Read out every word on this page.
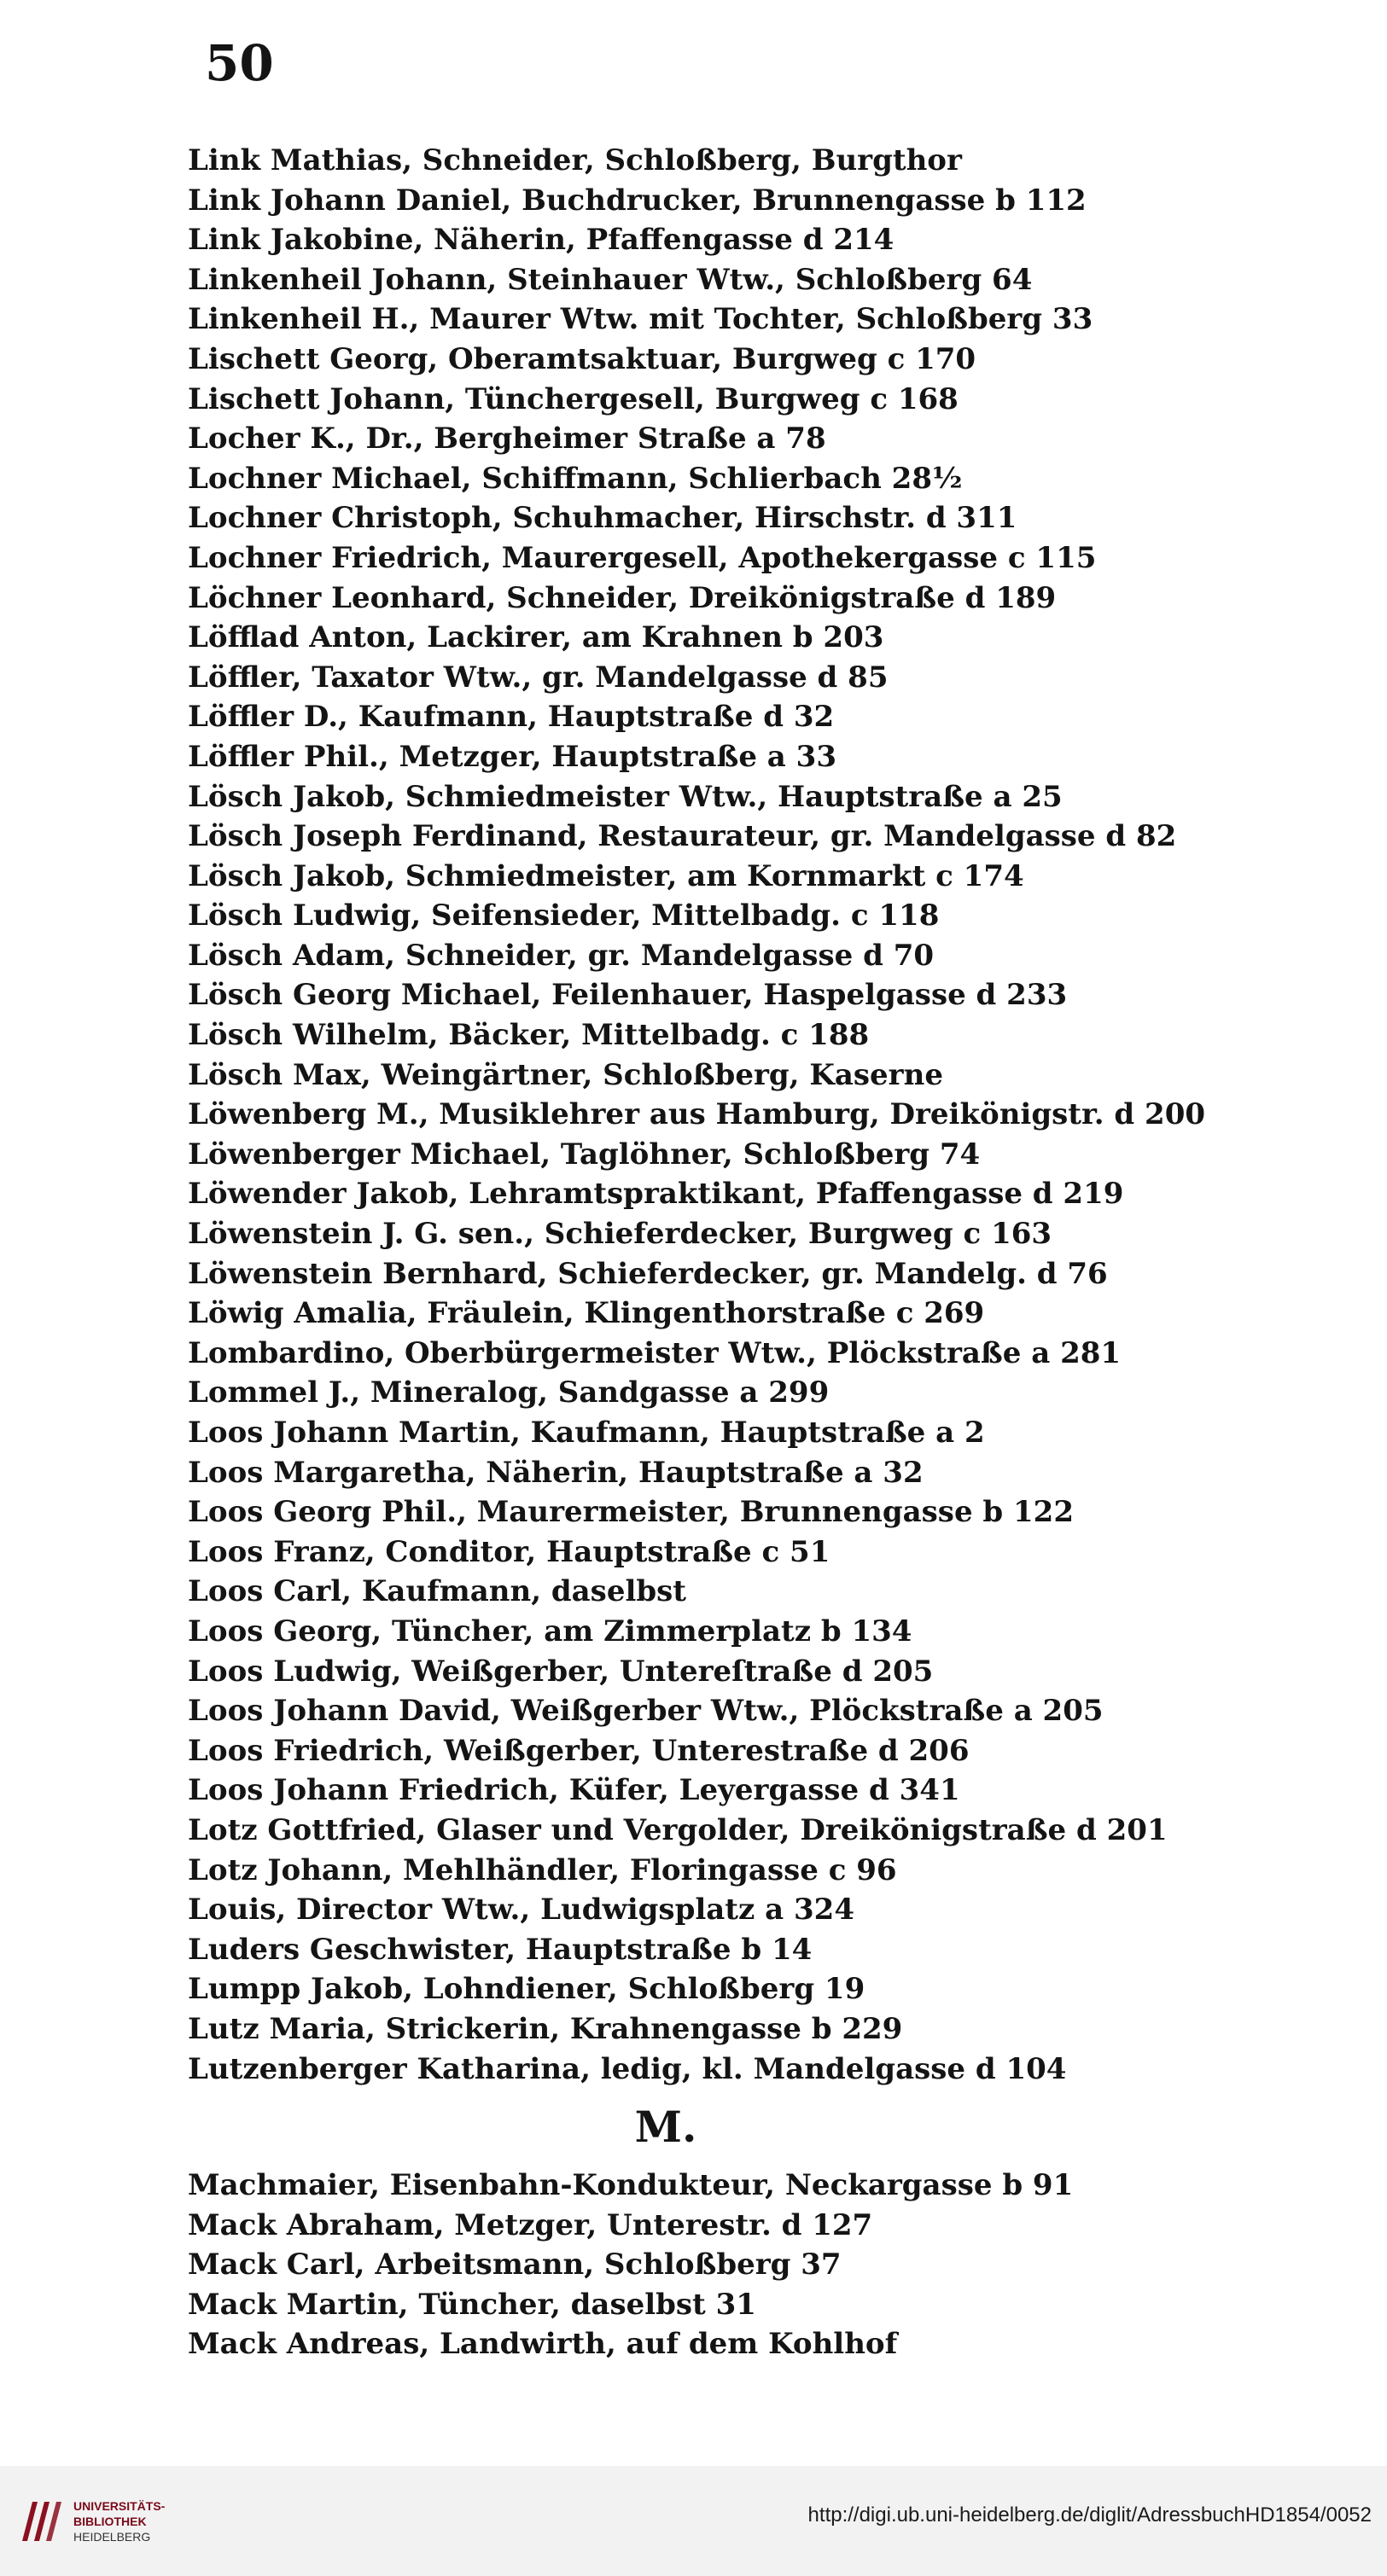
50
Link Mathias, Schneider, Schloßberg, Burgthor
Link Johann Daniel, Buchdrucker, Brunnengasse b 112
Link Jakobine, Näherin, Pfaffengasse d 214
Linkenheil Johann, Steinhauer Wtw., Schloßberg 64
Linkenheil H., Maurer Wtw. mit Tochter, Schloßberg 33
Lischett Georg, Oberamtsaktuar, Burgweg c 170
Lischett Johann, Tünchergesell, Burgweg c 168
Locher K., Dr., Bergheimer Straße a 78
Lochner Michael, Schiffmann, Schlierbach 28½
Lochner Christoph, Schuhmacher, Hirschstr. d 311
Lochner Friedrich, Maurergesell, Apothekergasse c 115
Löchner Leonhard, Schneider, Dreikönigstraße d 189
Löfflad Anton, Lackirer, am Krahnen b 203
Löffler, Taxator Wtw., gr. Mandelgasse d 85
Löffler D., Kaufmann, Hauptstraße d 32
Löffler Phil., Metzger, Hauptstraße a 33
Lösch Jakob, Schmiedmeister Wtw., Hauptstraße a 25
Lösch Joseph Ferdinand, Restaurateur, gr. Mandelgasse d 82
Lösch Jakob, Schmiedmeister, am Kornmarkt c 174
Lösch Ludwig, Seifensieder, Mittelbadg. c 118
Lösch Adam, Schneider, gr. Mandelgasse d 70
Lösch Georg Michael, Feilenhauer, Haspelgasse d 233
Lösch Wilhelm, Bäcker, Mittelbadg. c 188
Lösch Max, Weingärtner, Schloßberg, Kaserne
Löwenberg M., Musiklehrer aus Hamburg, Dreikönigstr. d 200
Löwenberger Michael, Taglöhner, Schloßberg 74
Löwender Jakob, Lehramtspraktikant, Pfaffengasse d 219
Löwenstein J. G. sen., Schieferdecker, Burgweg c 163
Löwenstein Bernhard, Schieferdecker, gr. Mandelg. d 76
Löwig Amalia, Fräulein, Klingenthorstraße c 269
Lombardino, Oberbürgermeister Wtw., Plöckstraße a 281
Lommel J., Mineralog, Sandgasse a 299
Loos Johann Martin, Kaufmann, Hauptstraße a 2
Loos Margaretha, Näherin, Hauptstraße a 32
Loos Georg Phil., Maurermeister, Brunnengasse b 122
Loos Franz, Conditor, Hauptstraße c 51
Loos Carl, Kaufmann, daselbst
Loos Georg, Tüncher, am Zimmerplatz b 134
Loos Ludwig, Weißgerber, Untereſtraße d 205
Loos Johann David, Weißgerber Wtw., Plöckstraße a 205
Loos Friedrich, Weißgerber, Unterestraße d 206
Loos Johann Friedrich, Küfer, Leyergasse d 341
Lotz Gottfried, Glaser und Vergolder, Dreikönigstraße d 201
Lotz Johann, Mehlhändler, Floringasse c 96
Louis, Director Wtw., Ludwigsplatz a 324
Luders Geschwister, Hauptstraße b 14
Lumpp Jakob, Lohndiener, Schloßberg 19
Lutz Maria, Strickerin, Krahnengasse b 229
Lutzenberger Katharina, ledig, kl. Mandelgasse d 104
M.
Machmaier, Eisenbahn-Kondukteur, Neckargasse b 91
Mack Abraham, Metzger, Unterestr. d 127
Mack Carl, Arbeitsmann, Schloßberg 37
Mack Martin, Tüncher, daselbst 31
Mack Andreas, Landwirth, auf dem Kohlhof
UNIVERSITÄTS-
BIBLIOTHEK
HEIDELBERG
http://digi.ub.uni-heidelberg.de/diglit/AdressbuchHD1854/0052
